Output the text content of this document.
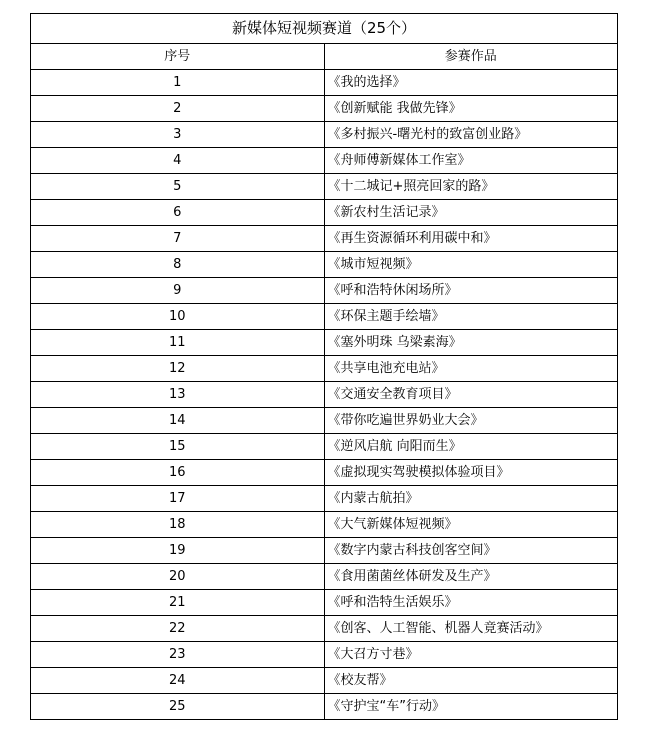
新媒体短视频赛道（25个）	
序号	参赛作品
1	《我的选择》
2	《创新赋能 我做先锋》
3	《多村振兴-曙光村的致富创业路》
4	《舟师傅新媒体工作室》
5	《十二城记+照亮回家的路》
6	《新农村生活记录》
7	《再生资源循环利用碳中和》
8	《城市短视频》
9	《呼和浩特休闲场所》
10	《环保主题手绘墙》
11	《塞外明珠 乌梁素海》
12	《共享电池充电站》
13	《交通安全教育项目》
14	《带你吃遍世界奶业大会》
15	《逆风启航 向阳而生》
16	《虚拟现实驾驶模拟体验项目》
17	《内蒙古航拍》
18	《大气新媒体短视频》
19	《数字内蒙古科技创客空间》
20	《食用菌菌丝体研发及生产》
21	《呼和浩特生活娱乐》
22	《创客、人工智能、机器人竟赛活动》
23	《大召方寸巷》
24	《校友帮》
25	《守护宝“车”行动》
